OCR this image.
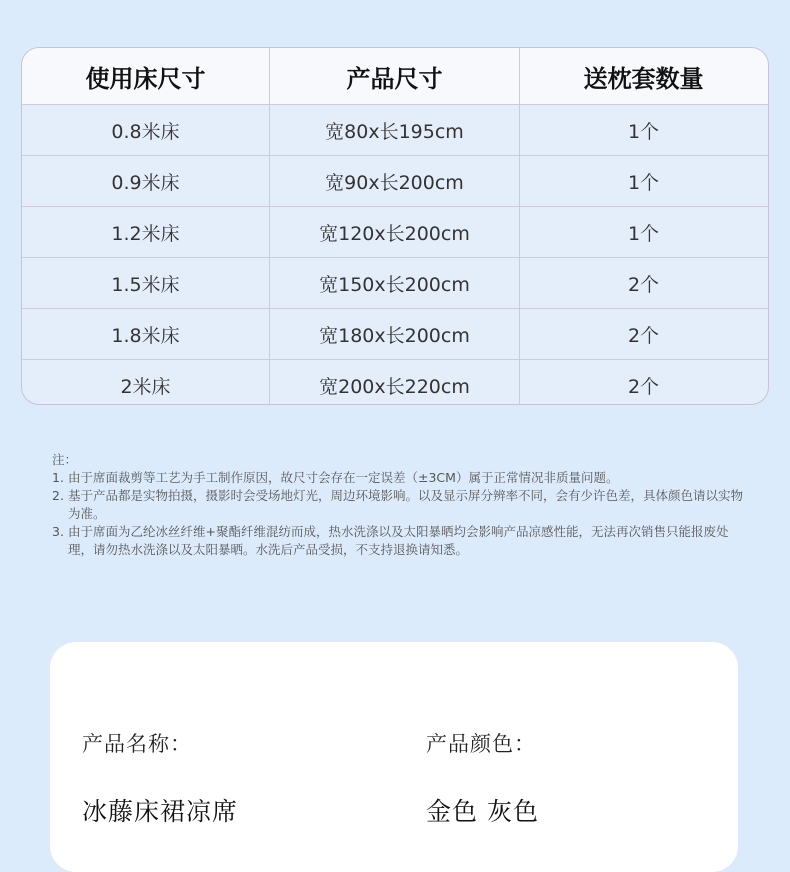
使用床尺寸	产品尺寸	送枕套数量
0.8米床	宽80x长195cm	1个
0.9米床	宽90x长200cm	1个
1.2米床	宽120x长200cm	1个
1.5米床	宽150x长200cm	2个
1.8米床	宽180x长200cm	2个
2米床	宽200x长220cm	2个
注：
1. 由于席面裁剪等工艺为手工制作原因，故尺寸会存在一定误差（±3CM）属于正常情况非质量问题。
2. 基于产品都是实物拍摄，摄影时会受场地灯光，周边环境影响。以及显示屏分辨率不同，会有少许色差，具体颜色请以实物为准。
3. 由于席面为乙纶冰丝纤维+聚酯纤维混纺而成，热水洗涤以及太阳暴晒均会影响产品凉感性能，无法再次销售只能报废处理，请勿热水洗涤以及太阳暴晒。水洗后产品受损，不支持退换请知悉。
产品名称：
冰藤床裙凉席
产品颜色：
金色 灰色
